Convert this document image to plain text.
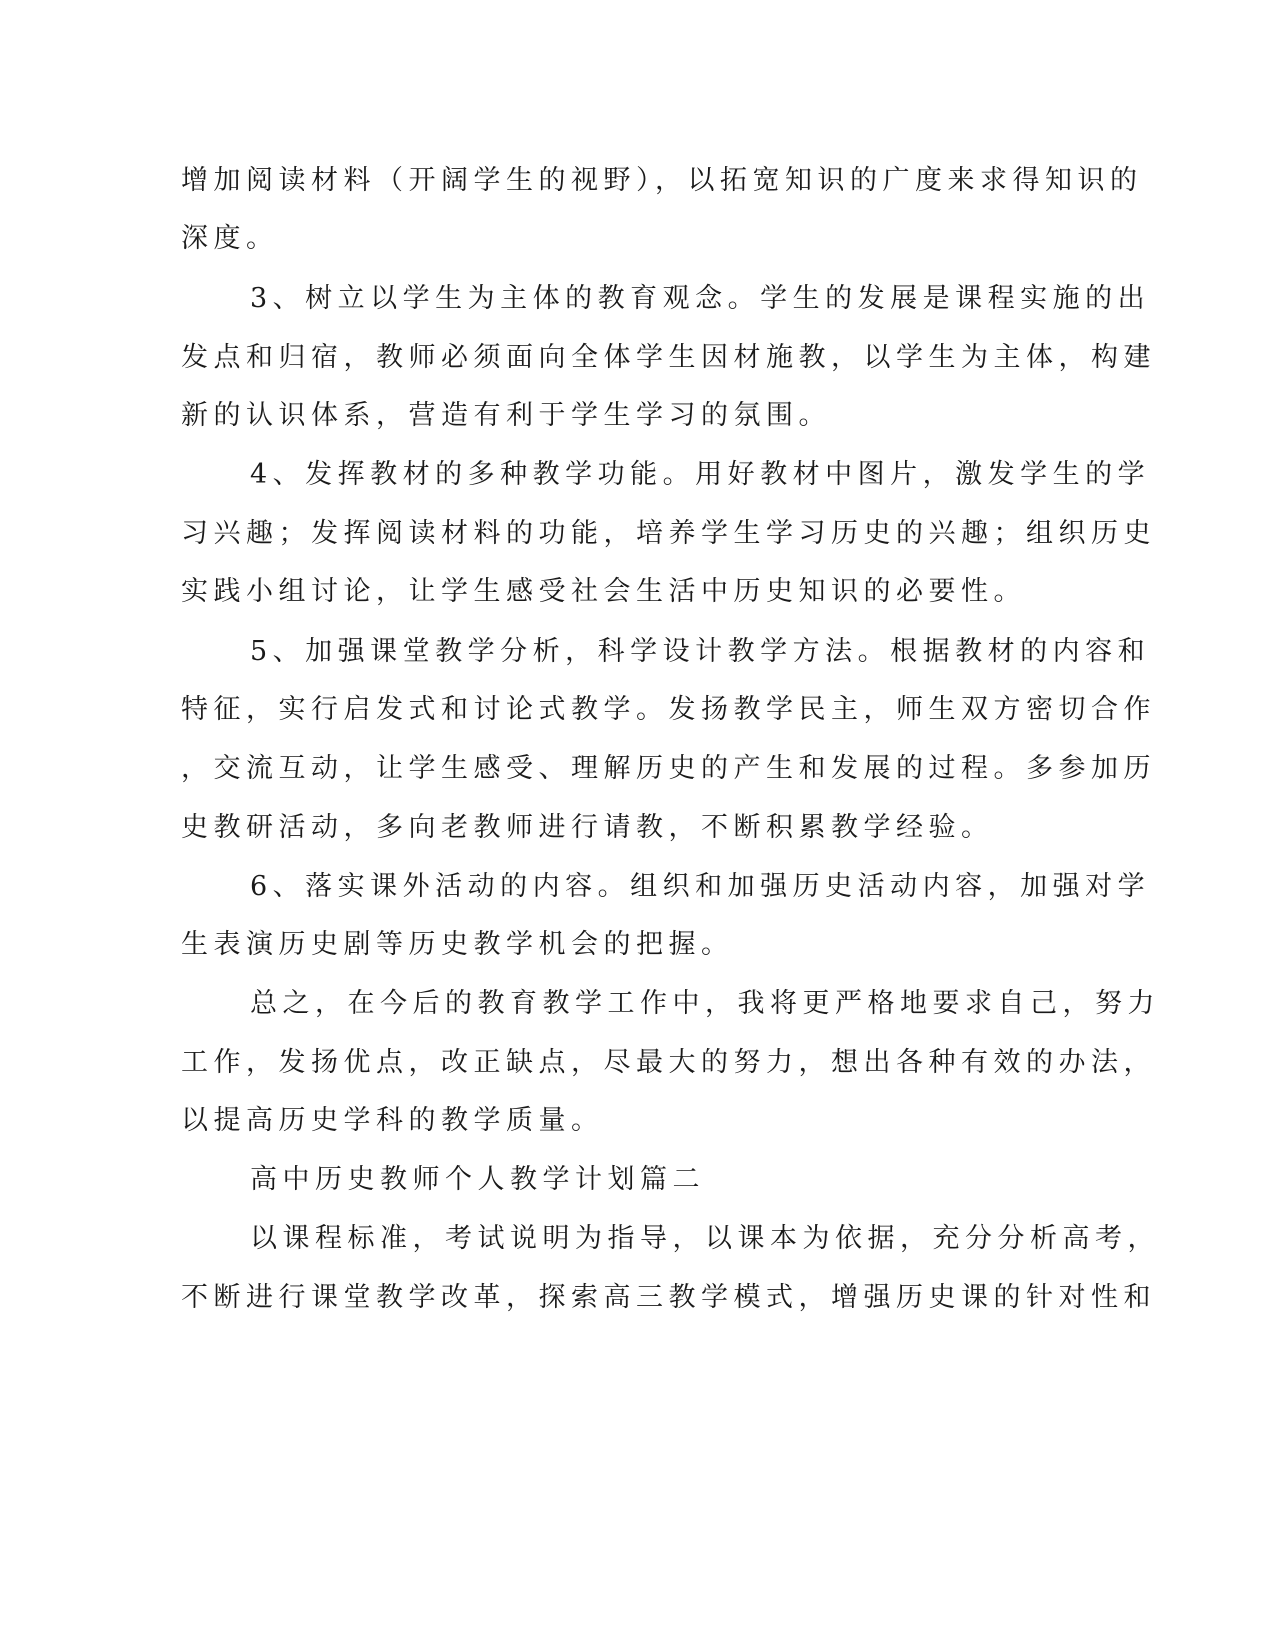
增加阅读材料（开阔学生的视野），以拓宽知识的广度来求得知识的
深度。
3、树立以学生为主体的教育观念。学生的发展是课程实施的出
发点和归宿，教师必须面向全体学生因材施教，以学生为主体，构建
新的认识体系，营造有利于学生学习的氛围。
4、发挥教材的多种教学功能。用好教材中图片，激发学生的学
习兴趣；发挥阅读材料的功能，培养学生学习历史的兴趣；组织历史
实践小组讨论，让学生感受社会生活中历史知识的必要性。
5、加强课堂教学分析，科学设计教学方法。根据教材的内容和
特征，实行启发式和讨论式教学。发扬教学民主，师生双方密切合作
，交流互动，让学生感受、理解历史的产生和发展的过程。多参加历
史教研活动，多向老教师进行请教，不断积累教学经验。
6、落实课外活动的内容。组织和加强历史活动内容，加强对学
生表演历史剧等历史教学机会的把握。
总之，在今后的教育教学工作中，我将更严格地要求自己，努力
工作，发扬优点，改正缺点，尽最大的努力，想出各种有效的办法，
以提高历史学科的教学质量。
高中历史教师个人教学计划篇二
以课程标准，考试说明为指导，以课本为依据，充分分析高考，
不断进行课堂教学改革，探索高三教学模式，增强历史课的针对性和
